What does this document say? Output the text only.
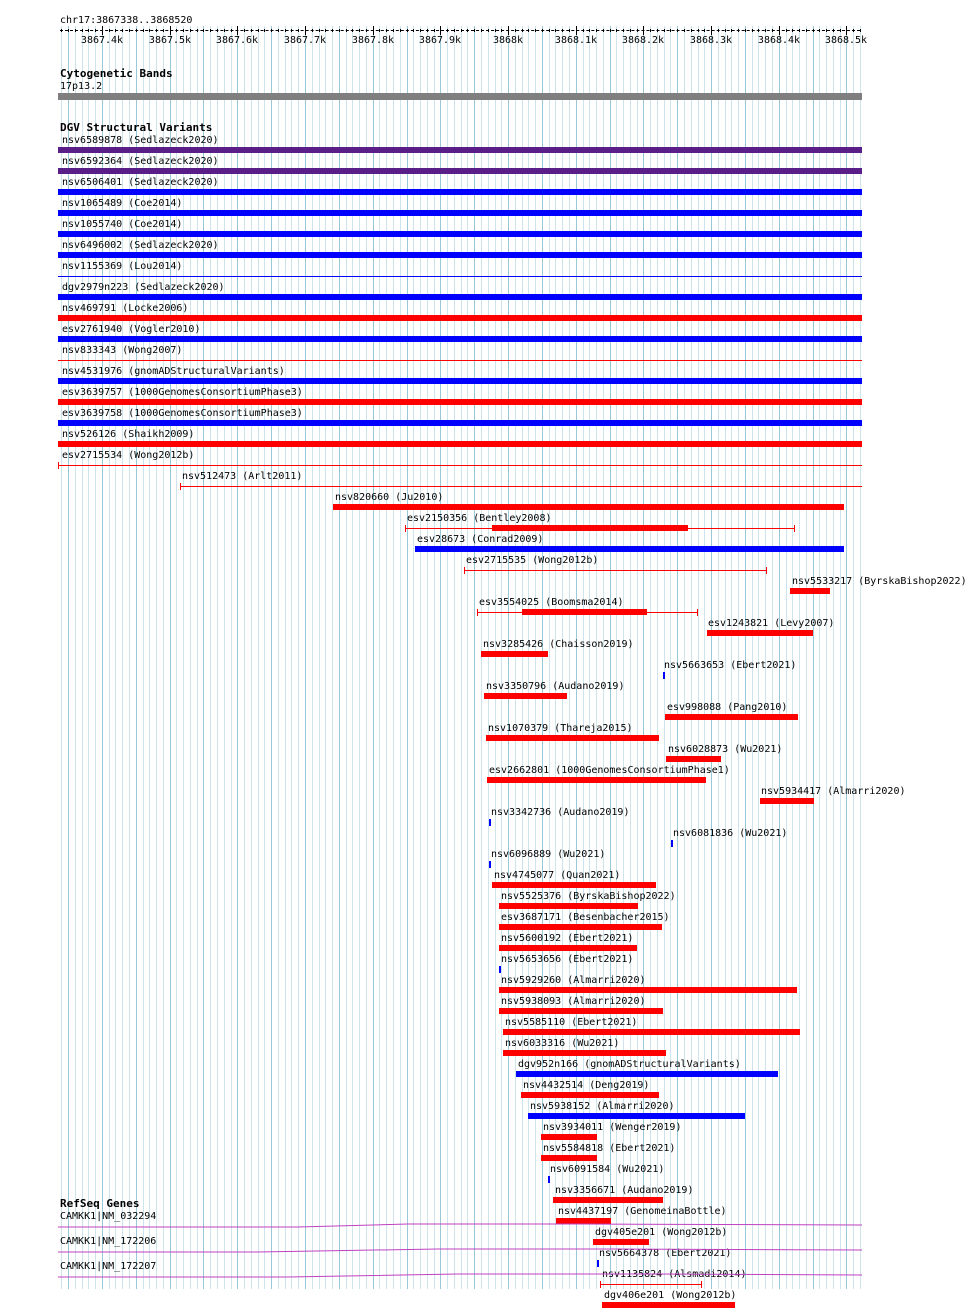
chr17:3867338..3868520
3867.4k	3867.5k 3867.6k	3867.7k	3867.8k 3867.9k	3868k	3868.1k 3868.2k	3868.3k	3868.4k 3868.5k
Cytogenetic Bands
17p13.2
DGV Structural Variants
nsv6589878 (Sedlazeck2020)
nsv6592364 (Sedlazeck2020)
nsv6506401 (Sedlazeck2020)
nsv1065489 (Coe2014)
nsv1055740 (Coe2014)
nsv6496002 (Sedlazeck2020)
nsv1155369 (Lou2014)
dgv2979n223 (Sedlazeck2020)
nsv469791 (Locke2006)
esv2761940 (Vogler2010)
nsv833343 (Wong2007)
nsv4531976 (gnomADStructuralVariants)
esv3639757 (1000GenomesConsortiumPhase3)
esv3639758 (1000GenomesConsortiumPhase3)
nsv526126 (Shaikh2009)
esv2715534 (Wong2012b)
nsv512473 (Arlt2011)
nsv820660 (Ju2010)
esv2150356 (Bentley2008)
esv28673 (Conrad2009)
esv2715535 (Wong2012b)
nsv5533217 (ByrskaBishop2022)
esv3554025 (Boomsma2014)
esv1243821 (Levy2007)
nsv3285426 (Chaisson2019)
nsv5663653 (Ebert2021)
nsv3350796 (Audano2019)
esv998088 (Pang2010)
nsv1070379 (Thareja2015)
nsv6028873 (Wu2021)
esv2662801 (1000GenomesConsortiumPhase1)
nsv5934417 (Almarri2020)
nsv3342736 (Audano2019)
nsv6081836 (Wu2021)
nsv6096889 (Wu2021)
nsv4745077 (Quan2021)
nsv5525376 (ByrskaBishop2022)
esv3687171 (Besenbacher2015)
nsv5600192 (Ebert2021)
nsv5653656 (Ebert2021)
nsv5929260 (Almarri2020)
nsv5938093 (Almarri2020)
nsv5585110 (Ebert2021)
nsv6033316 (Wu2021)
dgv952n166 (gnomADStructuralVariants)
nsv4432514 (Deng2019)
nsv5938152 (Almarri2020)
nsv3934011 (Wenger2019)
nsv5584818 (Ebert2021)
nsv6091584 (Wu2021)
nsv3356671 (Audano2019)
nsv4437197 (GenomeinaBottle)
dgv405e201 (Wong2012b)
nsv5664378 (Ebert2021)
nsv1135824 (Alsmadi2014)
dgv406e201 (Wong2012b)
RefSeq Genes
CAMKK1|NM_032294
CAMKK1|NM_172206
CAMKK1|NM_172207
